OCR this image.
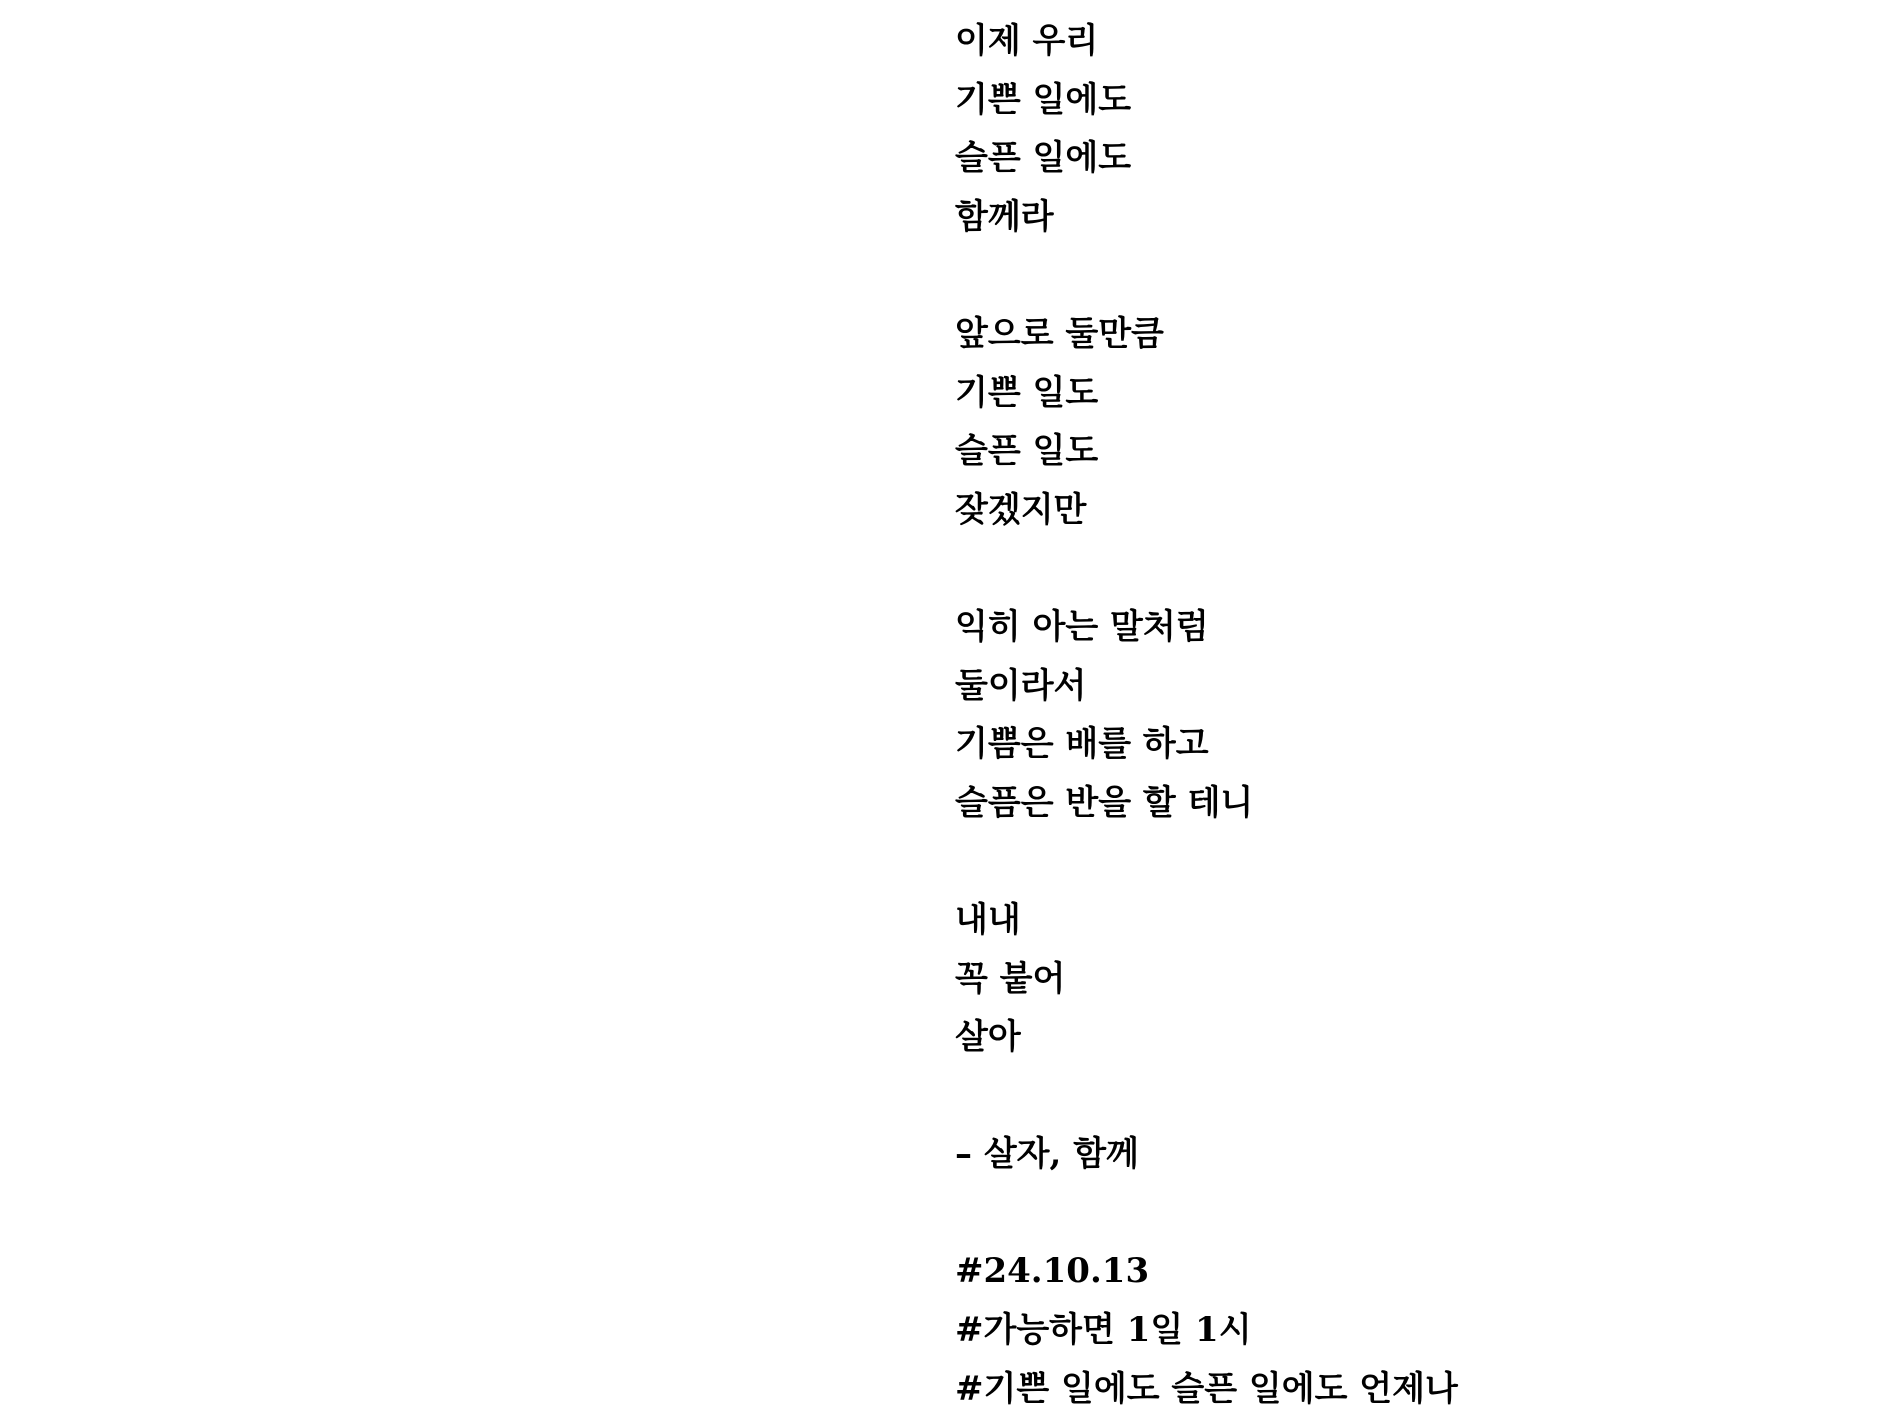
이제 우리
기쁜 일에도
슬픈 일에도
함께라
앞으로 둘만큼
기쁜 일도
슬픈 일도
잦겠지만
익히 아는 말처럼
둘이라서
기쁨은 배를 하고
슬픔은 반을 할 테니
내내
꼭 붙어
살아
– 살자, 함께
#24.10.13
#가능하면 1일 1시
#기쁜 일에도 슬픈 일에도 언제나
